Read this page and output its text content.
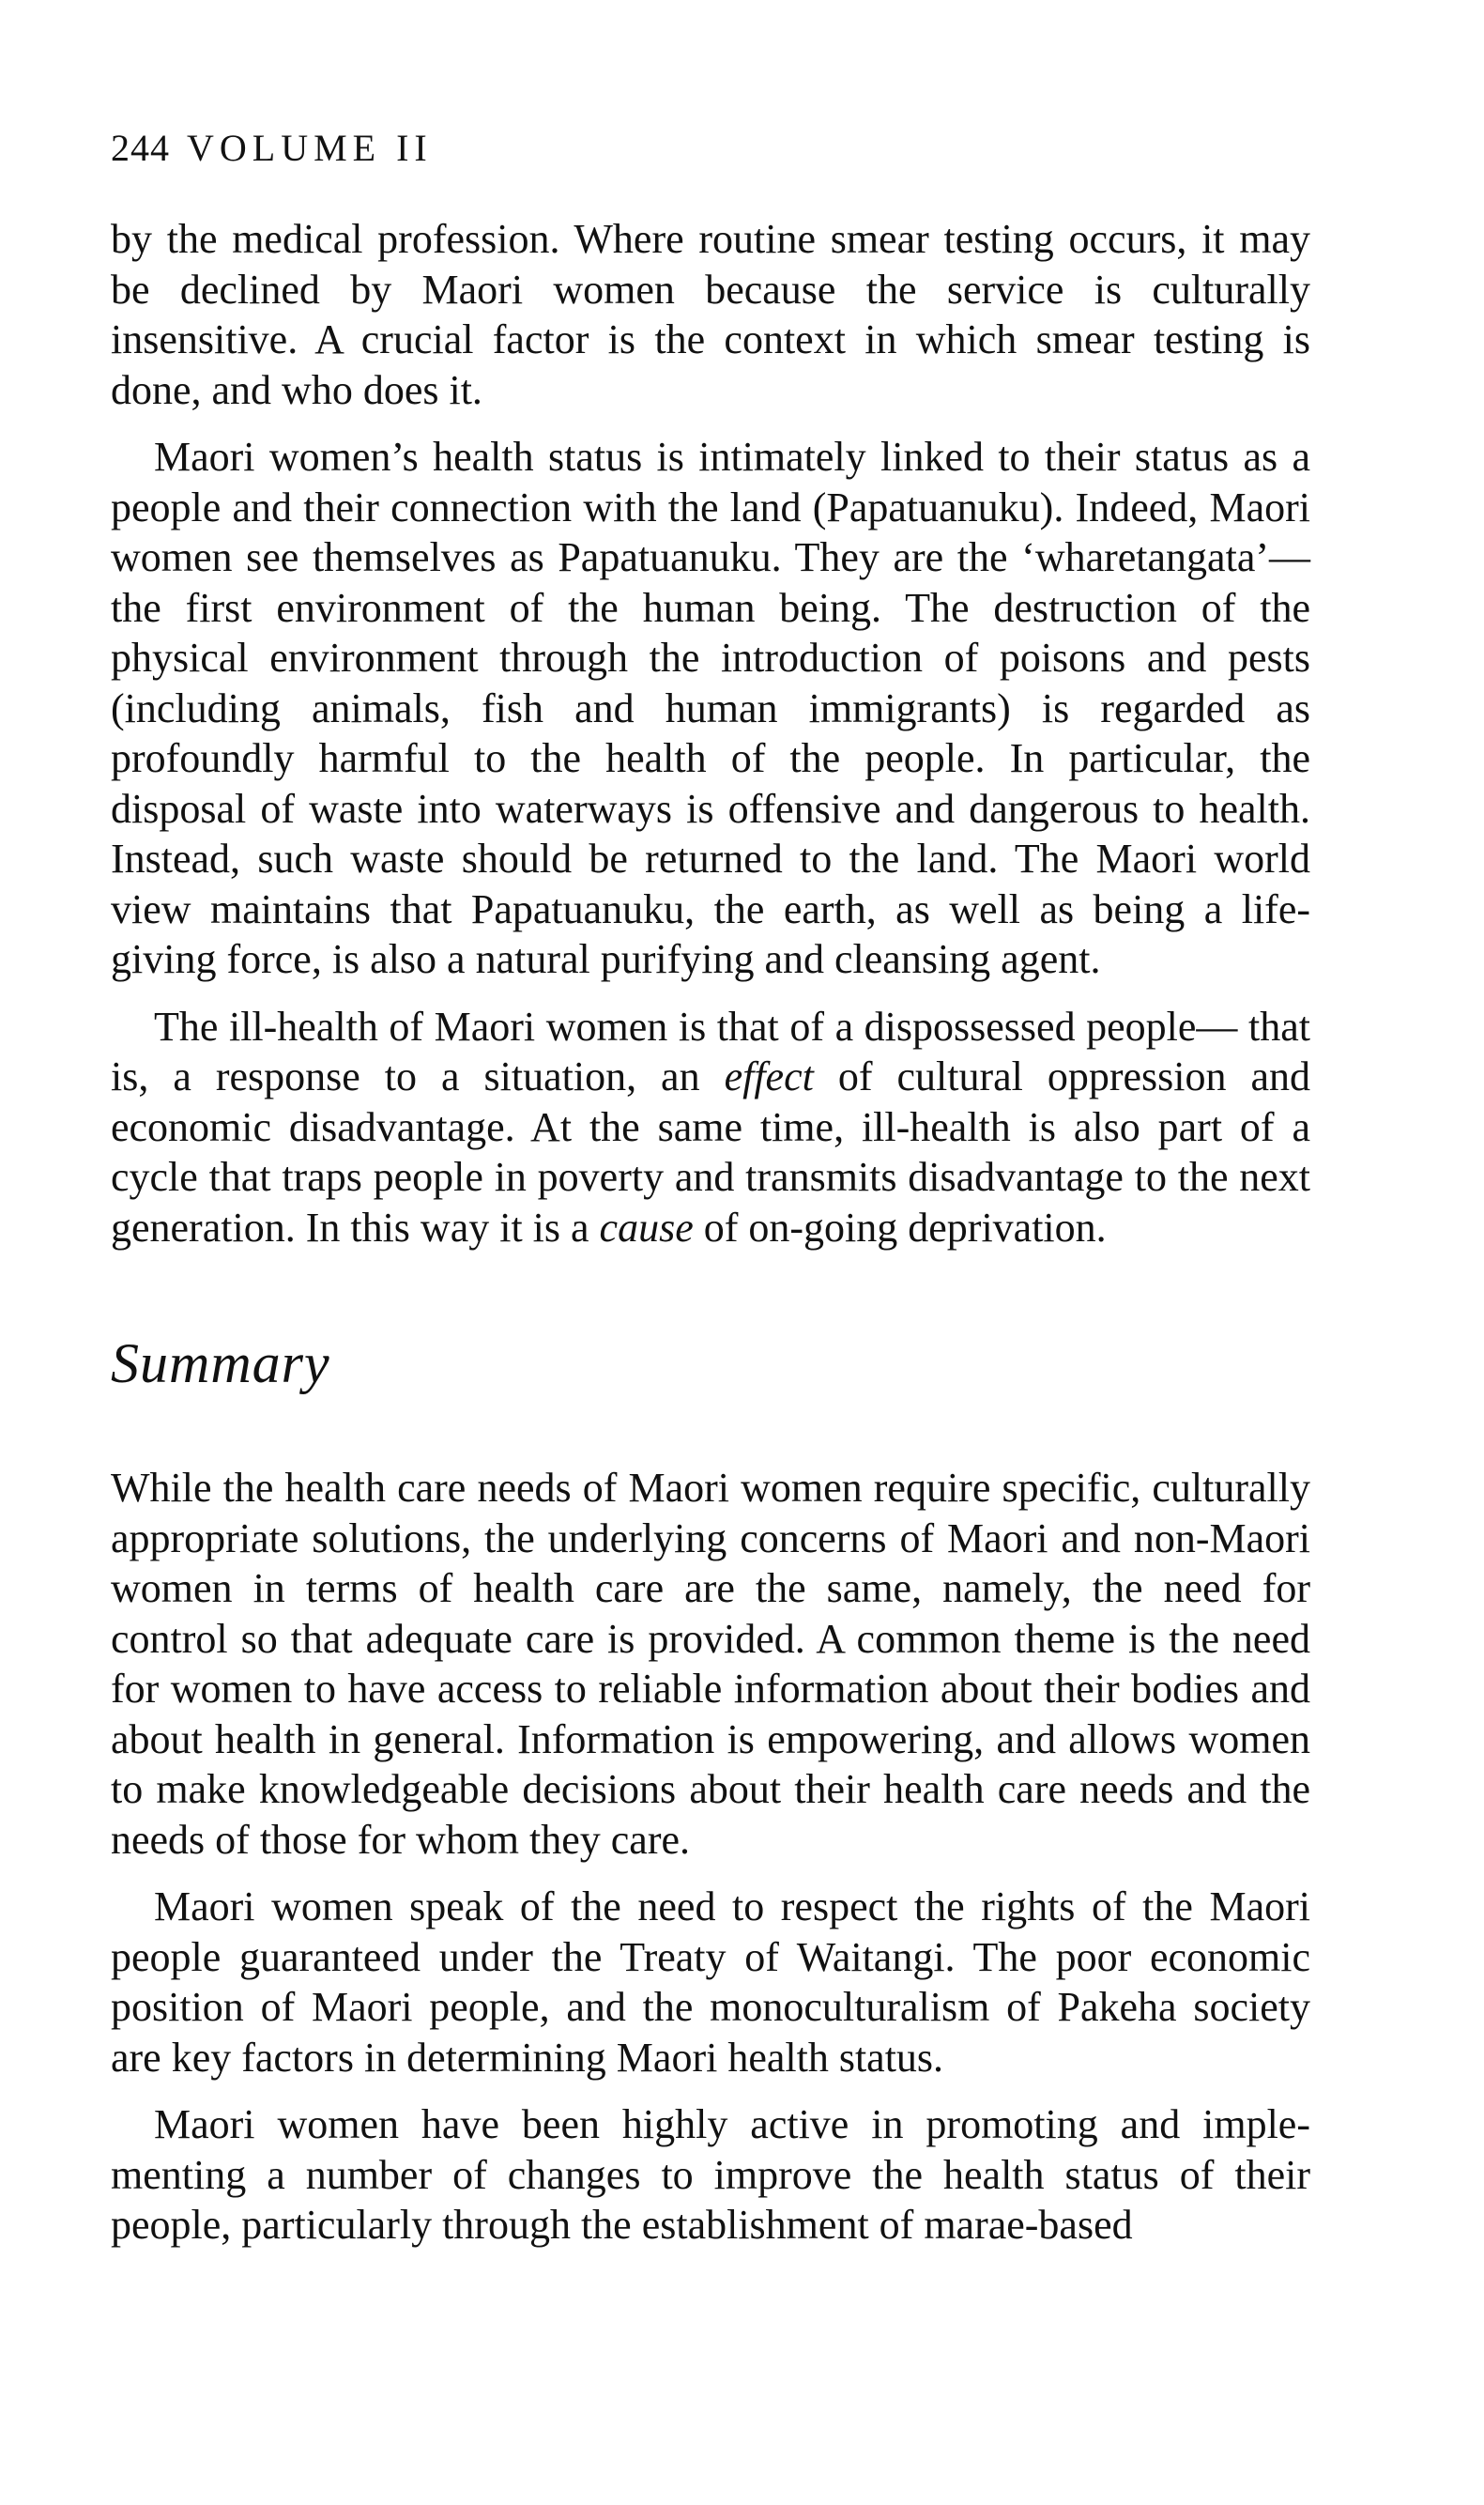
244 VOLUME II

by the medical profession. Where routine smear testing occurs, it may be declined by Maori women because the service is culturally insensitive. A crucial factor is the context in which smear testing is done, and who does it.

Maori women’s health status is intimately linked to their status as a people and their connection with the land (Papatuanuku). Indeed, Maori women see themselves as Papatuanuku. They are the ‘wharetangata’—the first environment of the human being. The destruction of the physical environment through the introduction of poisons and pests (including animals, fish and human immigrants) is regarded as profoundly harmful to the health of the people. In particular, the disposal of waste into waterways is offensive and dangerous to health. Instead, such waste should be returned to the land. The Maori world view maintains that Papatuanuku, the earth, as well as being a life-giving force, is also a natural purifying and cleansing agent.

The ill-health of Maori women is that of a dispossessed people— that is, a response to a situation, an effect of cultural oppression and economic disadvantage. At the same time, ill-health is also part of a cycle that traps people in poverty and transmits disadvantage to the next generation. In this way it is a cause of on-going deprivation.

Summary

While the health care needs of Maori women require specific, culturally appropriate solutions, the underlying concerns of Maori and non-Maori women in terms of health care are the same, namely, the need for control so that adequate care is provided. A common theme is the need for women to have access to reliable information about their bodies and about health in general. Information is empowering, and allows women to make knowledgeable decisions about their health care needs and the needs of those for whom they care.

Maori women speak of the need to respect the rights of the Maori people guaranteed under the Treaty of Waitangi. The poor economic position of Maori people, and the monoculturalism of Pakeha society are key factors in determining Maori health status.

Maori women have been highly active in promoting and implementing a number of changes to improve the health status of their people, particularly through the establishment of marae-based
